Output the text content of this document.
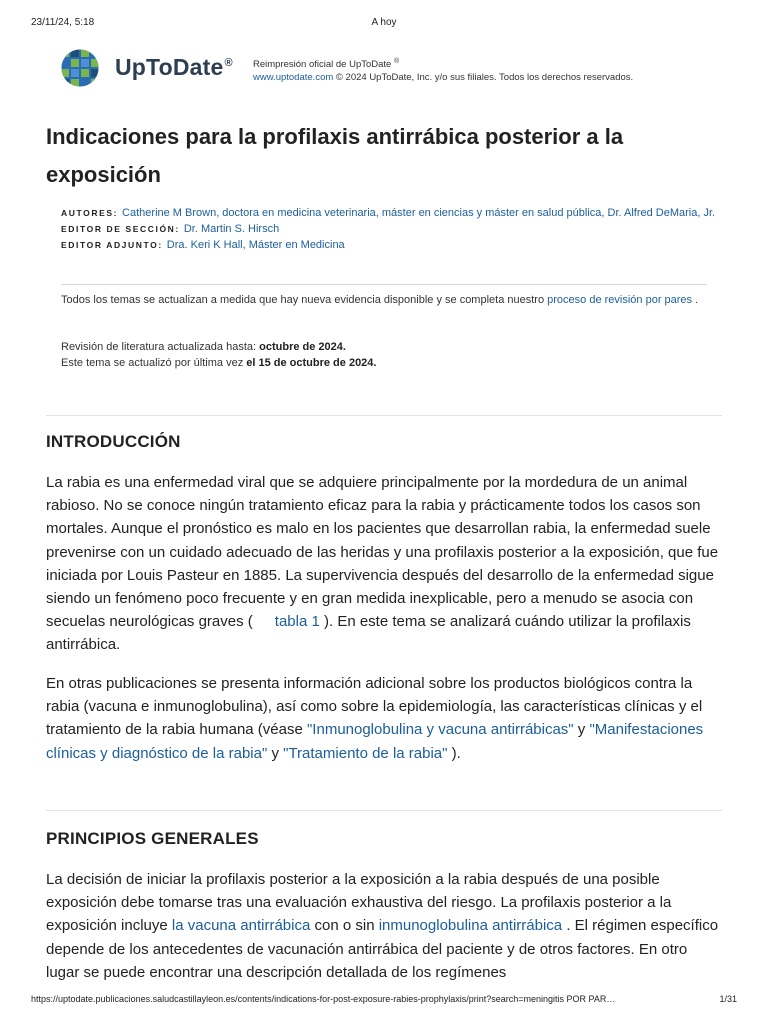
23/11/24, 5:18	A hoy
UpToDate® Reimpresión oficial de UpToDate ®
www.uptodate.com © 2024 UpToDate, Inc. y/o sus filiales. Todos los derechos reservados.
Indicaciones para la profilaxis antirrábica posterior a la exposición

AUTORES: Catherine M Brown, doctora en medicina veterinaria, máster en ciencias y máster en salud pública, Dr. Alfred DeMaria, Jr.

EDITOR DE SECCIÓN: Dr. Martin S. Hirsch

EDITOR ADJUNTO: Dra. Keri K Hall, Máster en Medicina

Todos los temas se actualizan a medida que hay nueva evidencia disponible y se completa nuestro proceso de revisión por pares .
Revisión de literatura actualizada hasta: octubre de 2024.
Este tema se actualizó por última vez el 15 de octubre de 2024.
INTRODUCCIÓN

La rabia es una enfermedad viral que se adquiere principalmente por la mordedura de un animal rabioso. No se conoce ningún tratamiento eficaz para la rabia y prácticamente todos los casos son mortales. Aunque el pronóstico es malo en los pacientes que desarrollan rabia, la enfermedad suele prevenirse con un cuidado adecuado de las heridas y una profilaxis posterior a la exposición, que fue iniciada por Louis Pasteur en 1885. La supervivencia después del desarrollo de la enfermedad sigue siendo un fenómeno poco frecuente y en gran medida inexplicable, pero a menudo se asocia con secuelas neurológicas graves ( tabla 1 ). En este tema se analizará cuándo utilizar la profilaxis antirrábica.

En otras publicaciones se presenta información adicional sobre los productos biológicos contra la rabia (vacuna e inmunoglobulina), así como sobre la epidemiología, las características clínicas y el tratamiento de la rabia humana (véase "Inmunoglobulina y vacuna antirrábicas" y "Manifestaciones clínicas y diagnóstico de la rabia" y "Tratamiento de la rabia" ).

PRINCIPIOS GENERALES

La decisión de iniciar la profilaxis posterior a la exposición a la rabia después de una posible exposición debe tomarse tras una evaluación exhaustiva del riesgo. La profilaxis posterior a la exposición incluye la vacuna antirrábica con o sin inmunoglobulina antirrábica . El régimen específico depende de los antecedentes de vacunación antirrábica del paciente y de otros factores. En otro lugar se puede encontrar una descripción detallada de los regímenes

https://uptodate.publicaciones.saludcastillayleon.es/contents/indications-for-post-exposure-rabies-prophylaxis/print?search=meningitis POR PAR…	1/31
